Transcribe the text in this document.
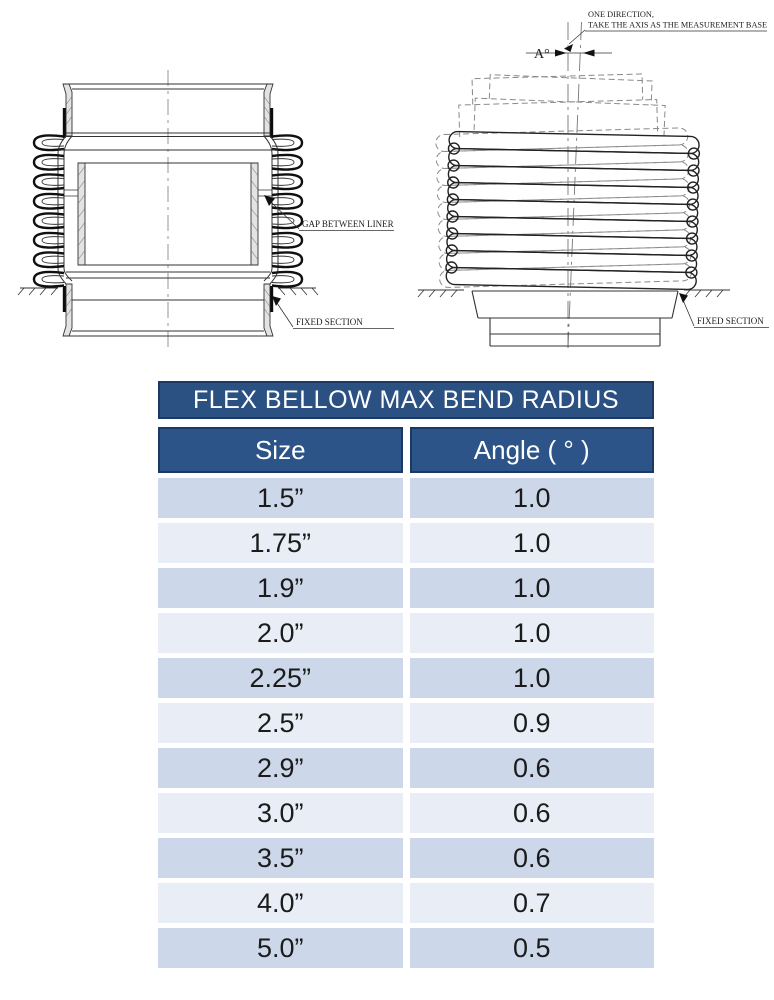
GAP BETWEEN LINER
FIXED SECTION
A°
ONE DIRECTION,
TAKE THE AXIS AS THE MEASUREMENT BASE
FIXED SECTION
FLEX BELLOW MAX BEND RADIUS
Size	Angle ( ° )
1.5”	1.0
1.75”	1.0
1.9”	1.0
2.0”	1.0
2.25”	1.0
2.5”	0.9
2.9”	0.6
3.0”	0.6
3.5”	0.6
4.0”	0.7
5.0”	0.5
